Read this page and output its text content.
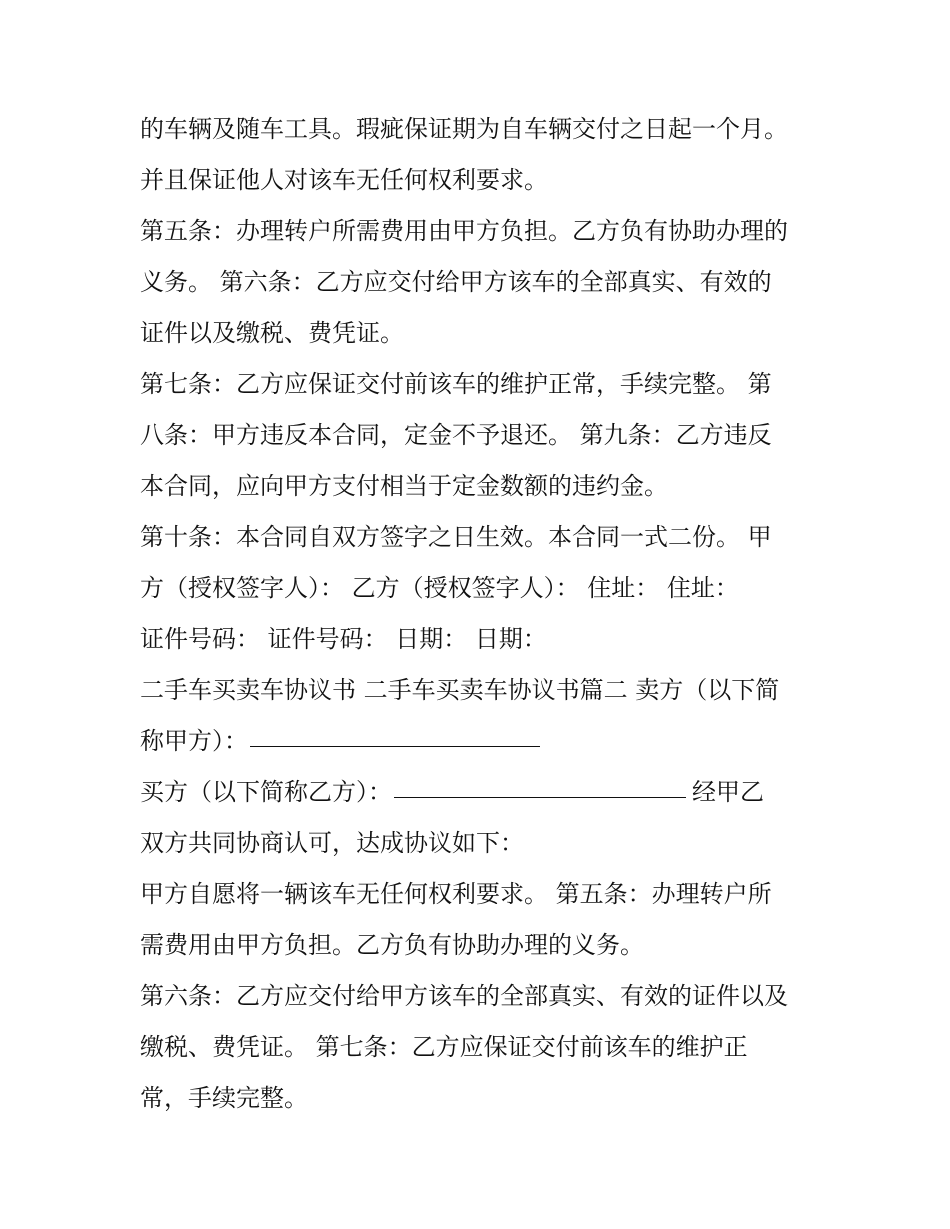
的车辆及随车工具。瑕疵保证期为自车辆交付之日起一个月。
并且保证他人对该车无任何权利要求。
第五条：办理转户所需费用由甲方负担。乙方负有协助办理的
义务。 第六条：乙方应交付给甲方该车的全部真实、有效的
证件以及缴税、费凭证。
第七条：乙方应保证交付前该车的维护正常，手续完整。 第
八条：甲方违反本合同，定金不予退还。 第九条：乙方违反
本合同，应向甲方支付相当于定金数额的违约金。
第十条：本合同自双方签字之日生效。本合同一式二份。 甲
方（授权签字人）： 乙方（授权签字人）： 住址： 住址：
证件号码： 证件号码： 日期： 日期：
二手车买卖车协议书 二手车买卖车协议书篇二 卖方（以下简
称甲方）：
买方（以下简称乙方）：	经甲乙
双方共同协商认可，达成协议如下：
甲方自愿将一辆该车无任何权利要求。 第五条：办理转户所
需费用由甲方负担。乙方负有协助办理的义务。
第六条：乙方应交付给甲方该车的全部真实、有效的证件以及
缴税、费凭证。 第七条：乙方应保证交付前该车的维护正
常，手续完整。
